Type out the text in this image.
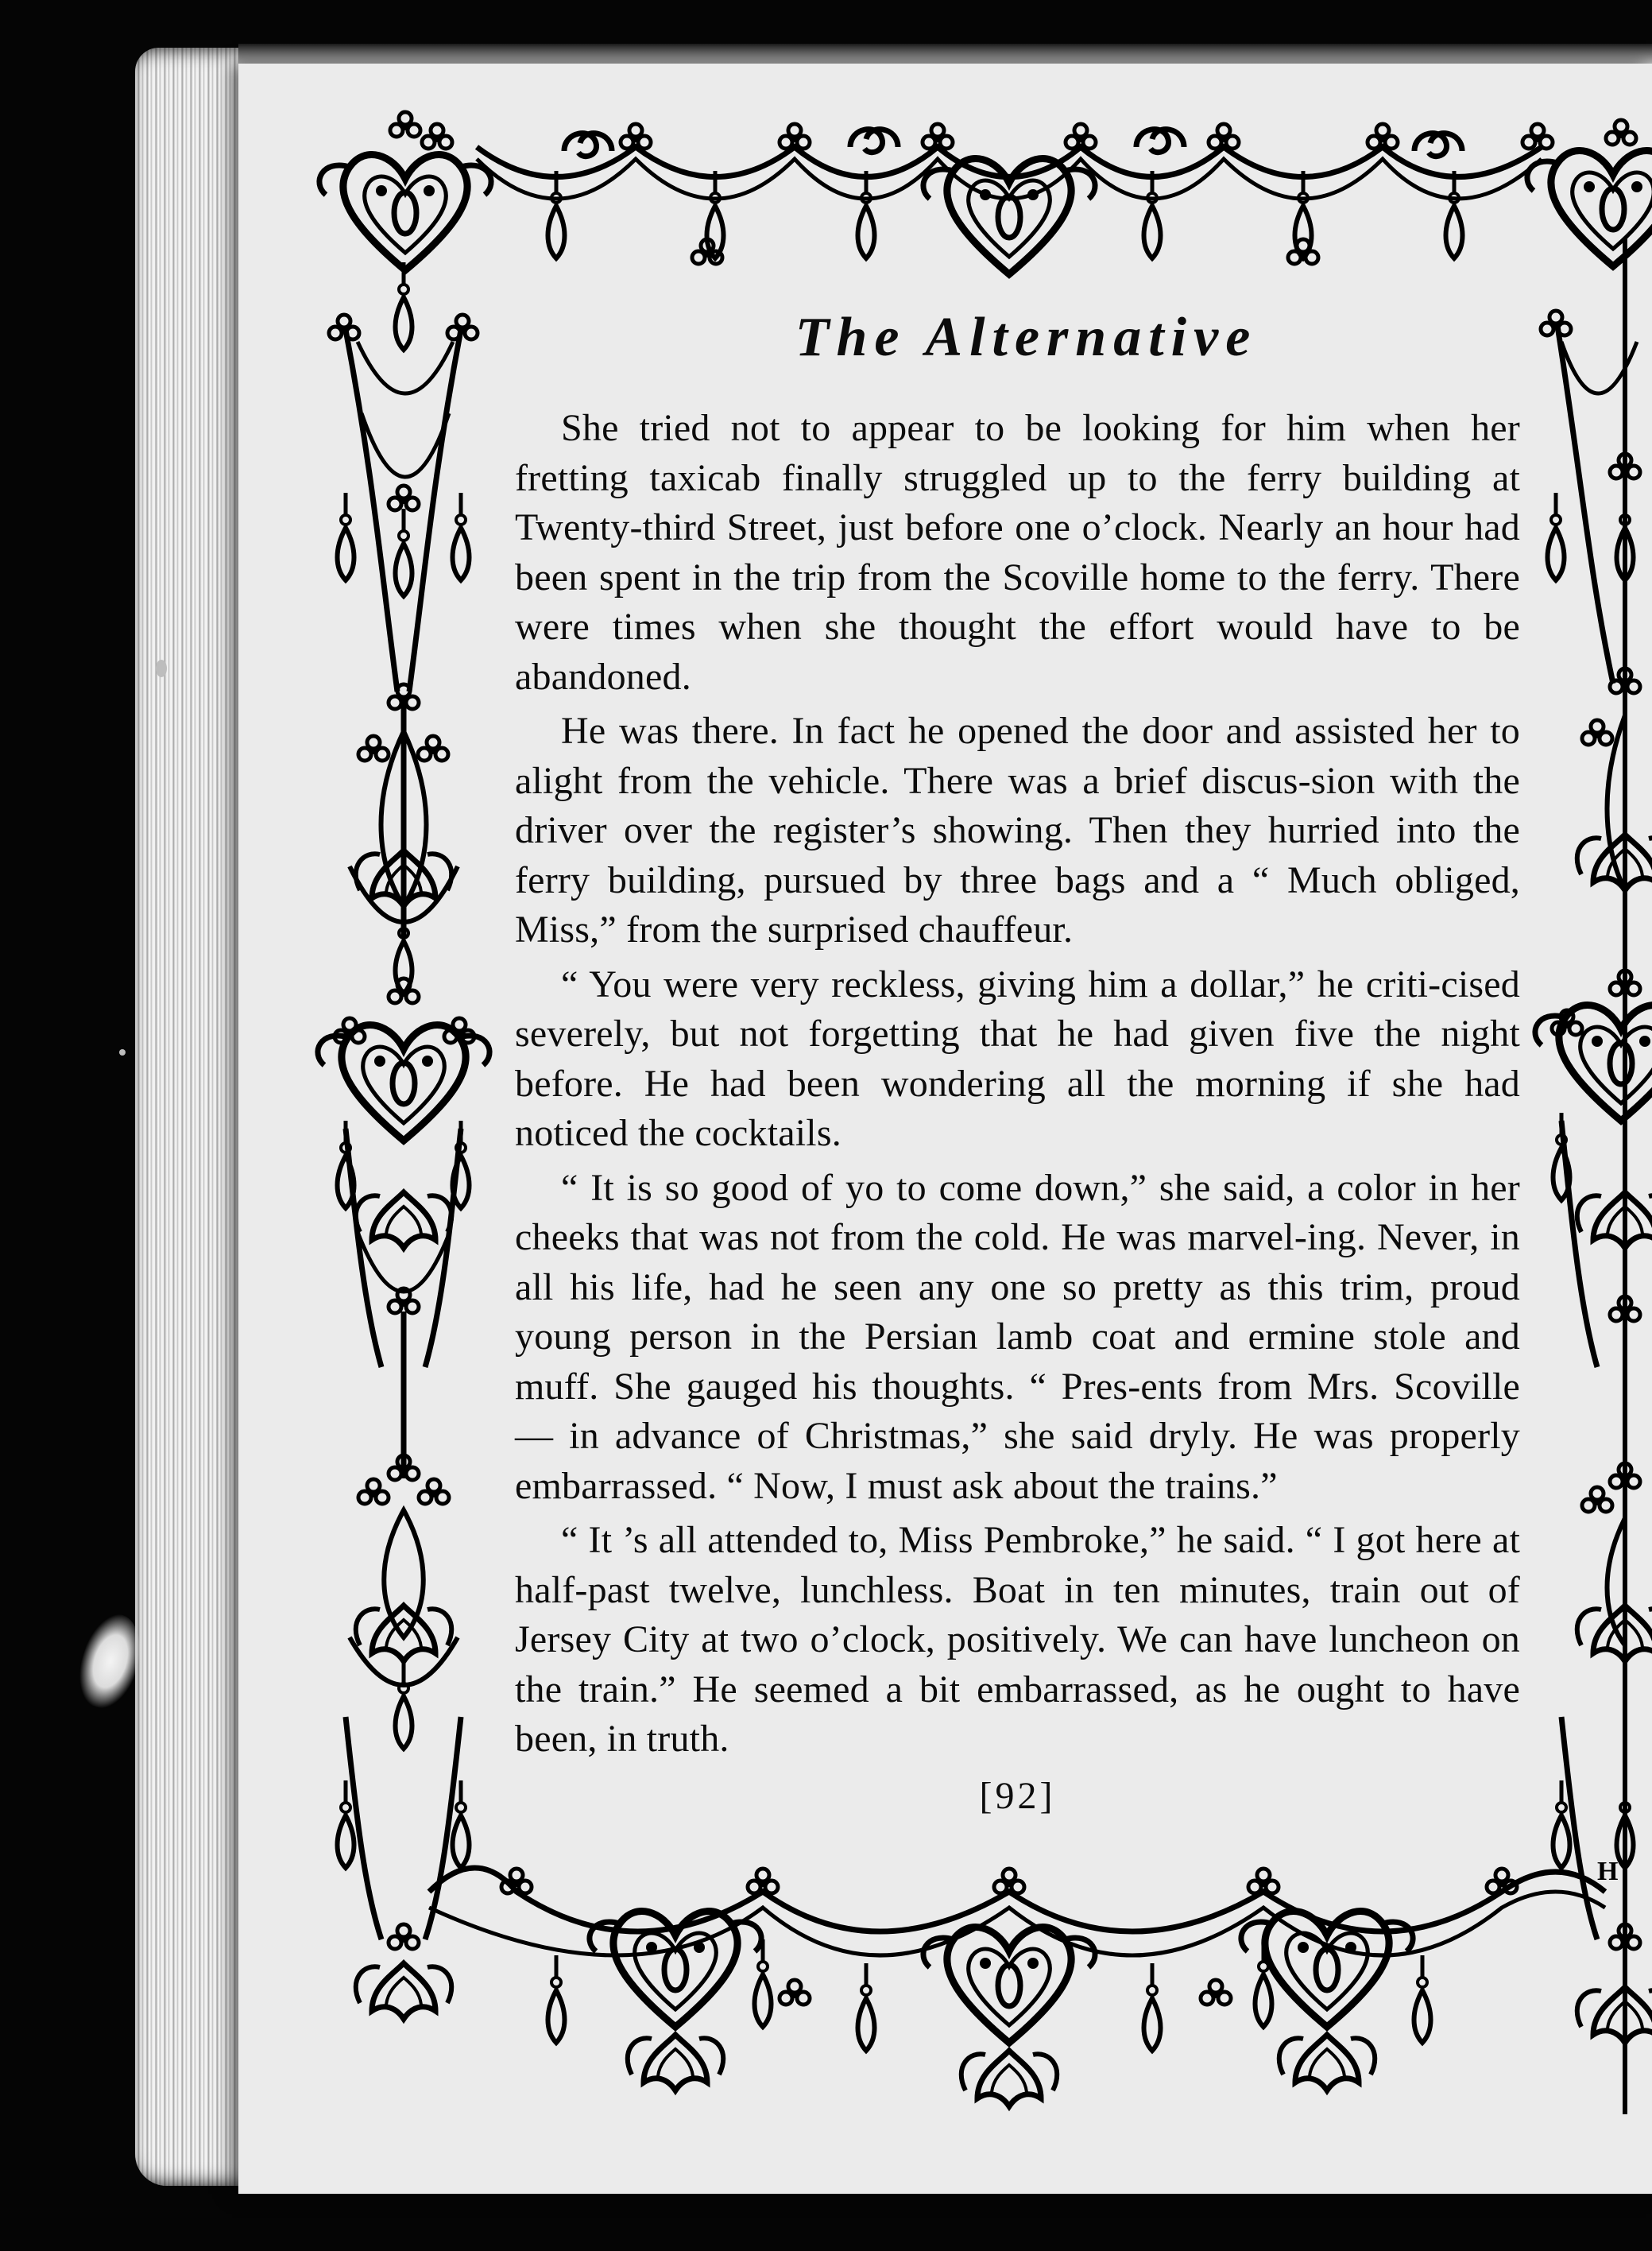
H
The Alternative

She tried not to appear to be looking for him when her fretting taxicab finally struggled up to the ferry building at Twenty-third Street, just before one o’clock. Nearly an hour had been spent in the trip from the Scoville home to the ferry. There were times when she thought the effort would have to be abandoned.

He was there. In fact he opened the door and assisted her to alight from the vehicle. There was a brief discus-sion with the driver over the register’s showing. Then they hurried into the ferry building, pursued by three bags and a “ Much obliged, Miss,” from the surprised chauffeur.

“ You were very reckless, giving him a dollar,” he criti-cised severely, but not forgetting that he had given five the night before. He had been wondering all the morning if she had noticed the cocktails.

“ It is so good of yo to come down,” she said, a color in her cheeks that was not from the cold. He was marvel-ing. Never, in all his life, had he seen any one so pretty as this trim, proud young person in the Persian lamb coat and ermine stole and muff. She gauged his thoughts. “ Pres-ents from Mrs. Scoville — in advance of Christmas,” she said dryly. He was properly embarrassed. “ Now, I must ask about the trains.”

“ It ’s all attended to, Miss Pembroke,” he said. “ I got here at half-past twelve, lunchless. Boat in ten minutes, train out of Jersey City at two o’clock, positively. We can have luncheon on the train.” He seemed a bit embarrassed, as he ought to have been, in truth.

[92]
